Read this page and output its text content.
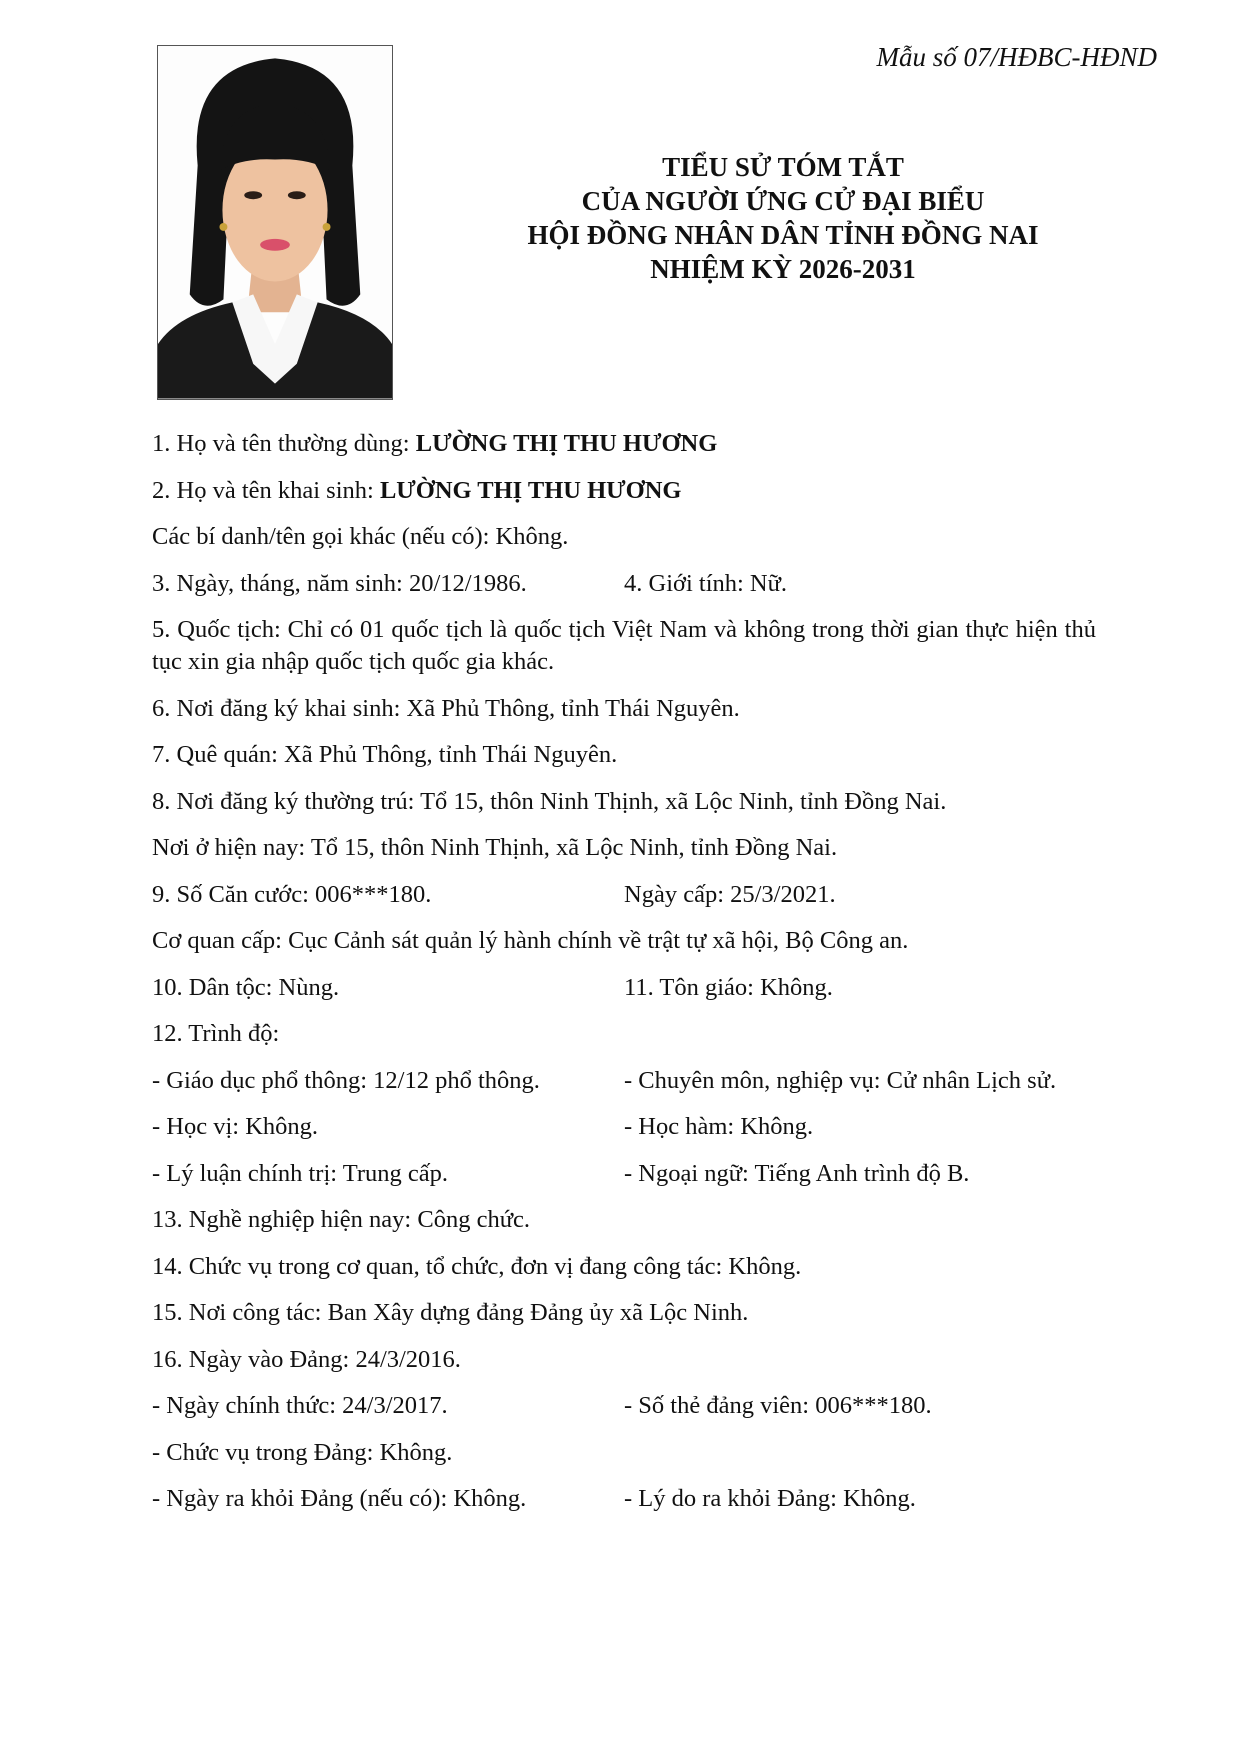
Mẫu số 07/HĐBC-HĐND
TIỂU SỬ TÓM TẮT
CỦA NGƯỜI ỨNG CỬ ĐẠI BIỂU
HỘI ĐỒNG NHÂN DÂN TỈNH ĐỒNG NAI
NHIỆM KỲ 2026-2031
1. Họ và tên thường dùng: LƯỜNG THỊ THU HƯƠNG
2. Họ và tên khai sinh: LƯỜNG THỊ THU HƯƠNG
Các bí danh/tên gọi khác (nếu có): Không.
3. Ngày, tháng, năm sinh: 20/12/1986.	4. Giới tính: Nữ.
5. Quốc tịch: Chỉ có 01 quốc tịch là quốc tịch Việt Nam và không trong thời gian thực hiện thủ tục xin gia nhập quốc tịch quốc gia khác.
6. Nơi đăng ký khai sinh: Xã Phủ Thông, tỉnh Thái Nguyên.
7. Quê quán: Xã Phủ Thông, tỉnh Thái Nguyên.
8. Nơi đăng ký thường trú: Tổ 15, thôn Ninh Thịnh, xã Lộc Ninh, tỉnh Đồng Nai.
Nơi ở hiện nay: Tổ 15, thôn Ninh Thịnh, xã Lộc Ninh, tỉnh Đồng Nai.
9. Số Căn cước: 006***180.	Ngày cấp: 25/3/2021.
Cơ quan cấp: Cục Cảnh sát quản lý hành chính về trật tự xã hội, Bộ Công an.
10. Dân tộc: Nùng.	11. Tôn giáo: Không.
12. Trình độ:
- Giáo dục phổ thông: 12/12 phổ thông.	- Chuyên môn, nghiệp vụ: Cử nhân Lịch sử.
- Học vị: Không.	- Học hàm: Không.
- Lý luận chính trị: Trung cấp.	- Ngoại ngữ: Tiếng Anh trình độ B.
13. Nghề nghiệp hiện nay: Công chức.
14. Chức vụ trong cơ quan, tổ chức, đơn vị đang công tác: Không.
15. Nơi công tác: Ban Xây dựng đảng Đảng ủy xã Lộc Ninh.
16. Ngày vào Đảng: 24/3/2016.
- Ngày chính thức: 24/3/2017.	- Số thẻ đảng viên: 006***180.
- Chức vụ trong Đảng: Không.
- Ngày ra khỏi Đảng (nếu có): Không.	- Lý do ra khỏi Đảng: Không.
